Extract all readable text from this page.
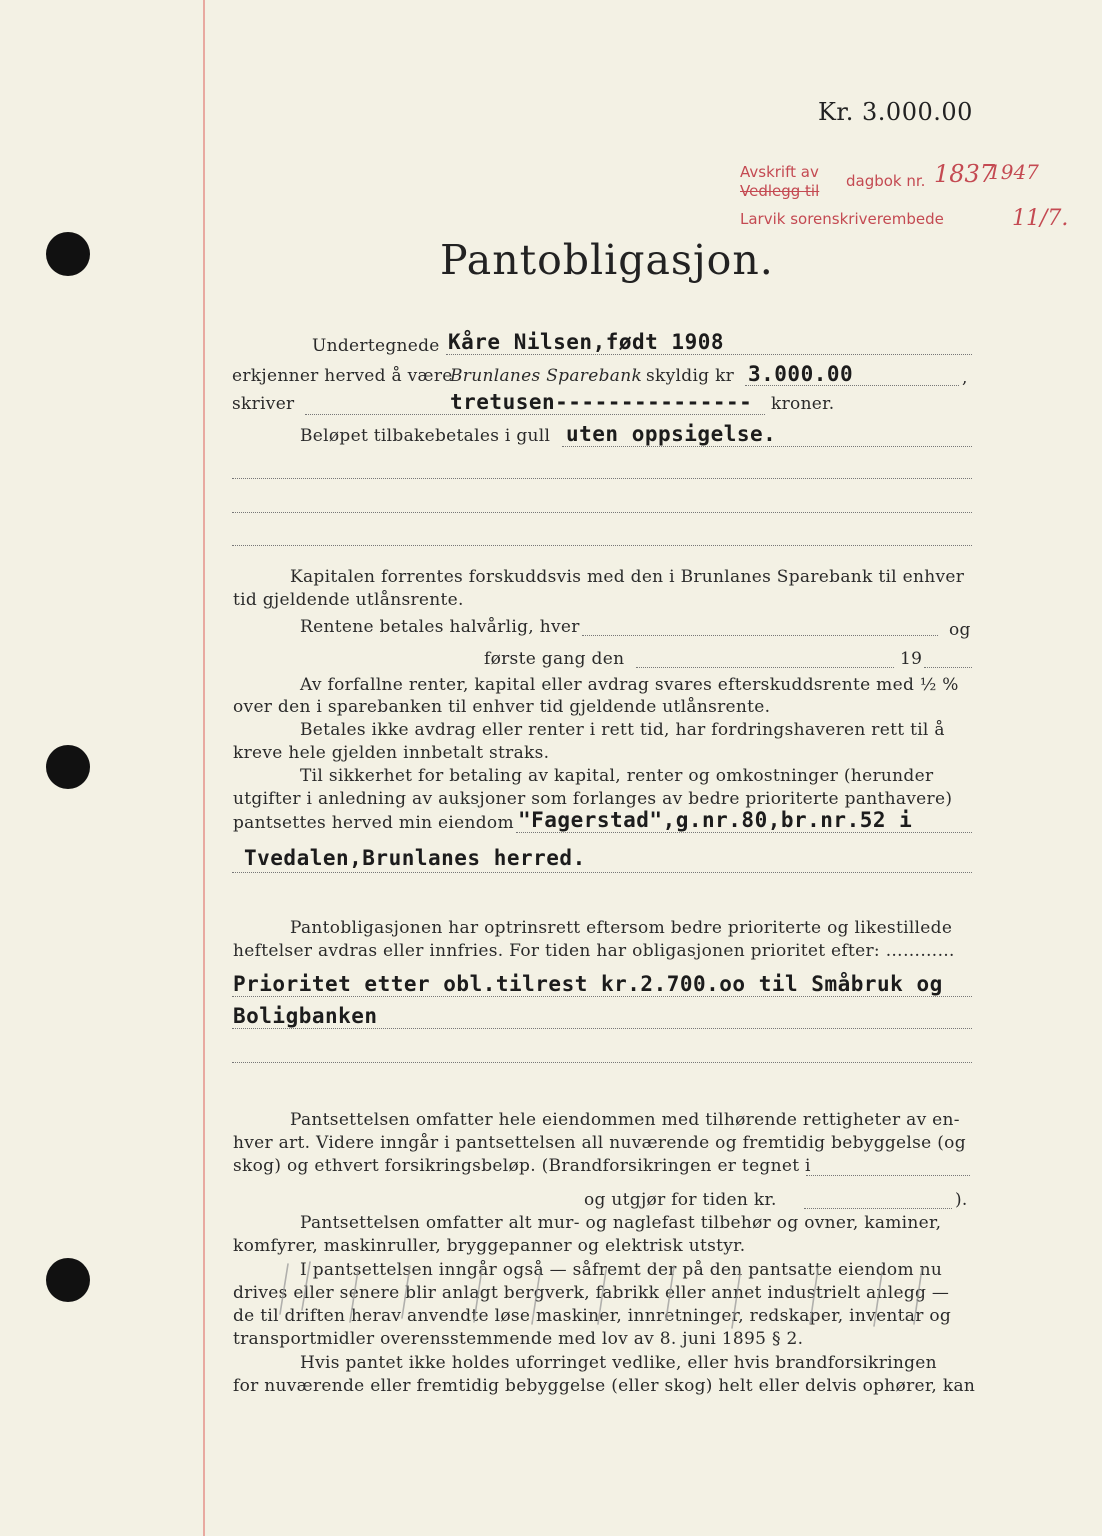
Kr. 3.000.00
Avskrift av
Vedlegg til
dagbok nr. 1837
1947
Larvik sorenskriverembede	11/7.
Pantobligasjon.
Undertegnede Kåre Nilsen,født 1908
erkjenner herved å være
Brunlanes Sparebank skyldig kr 3.000.00	,
skriver	tretusen--------------- kroner.
Beløpet tilbakebetales i gull uten oppsigelse.
Kapitalen forrentes forskuddsvis med den i Brunlanes Sparebank til enhver
tid gjeldende utlånsrente.
Rentene betales halvårlig, hver	og
første gang den	19
Av forfallne renter, kapital eller avdrag svares efterskuddsrente med ½ %
over den i sparebanken til enhver tid gjeldende utlånsrente.
Betales ikke avdrag eller renter i rett tid, har fordringshaveren rett til å
kreve hele gjelden innbetalt straks.
Til sikkerhet for betaling av kapital, renter og omkostninger (herunder
utgifter i anledning av auksjoner som forlanges av bedre prioriterte panthavere)
pantsettes herved min eiendom "Fagerstad",g.nr.80,br.nr.52 i
Tvedalen,Brunlanes herred.
Pantobligasjonen har optrinsrett eftersom bedre prioriterte og likestillede
heftelser avdras eller innfries. For tiden har obligasjonen prioritet efter: …………
Prioritet etter obl.tilrest kr.2.700.oo til Småbruk og
Boligbanken
Pantsettelsen omfatter hele eiendommen med tilhørende rettigheter av en-
hver art. Videre inngår i pantsettelsen all nuværende og fremtidig bebyggelse (og
skog) og ethvert forsikringsbeløp. (Brandforsikringen er tegnet i
og utgjør for tiden kr.	).
Pantsettelsen omfatter alt mur- og naglefast tilbehør og ovner, kaminer,
komfyrer, maskinruller, bryggepanner og elektrisk utstyr.
I pantsettelsen inngår også — såfremt der på den pantsatte eiendom nu
drives eller senere blir anlagt bergverk, fabrikk eller annet industrielt anlegg —
de til driften herav anvendte løse maskiner, innretninger, redskaper, inventar og
transportmidler overensstemmende med lov av 8. juni 1895 § 2.
Hvis pantet ikke holdes uforringet vedlike, eller hvis brandforsikringen
for nuværende eller fremtidig bebyggelse (eller skog) helt eller delvis ophører, kan
